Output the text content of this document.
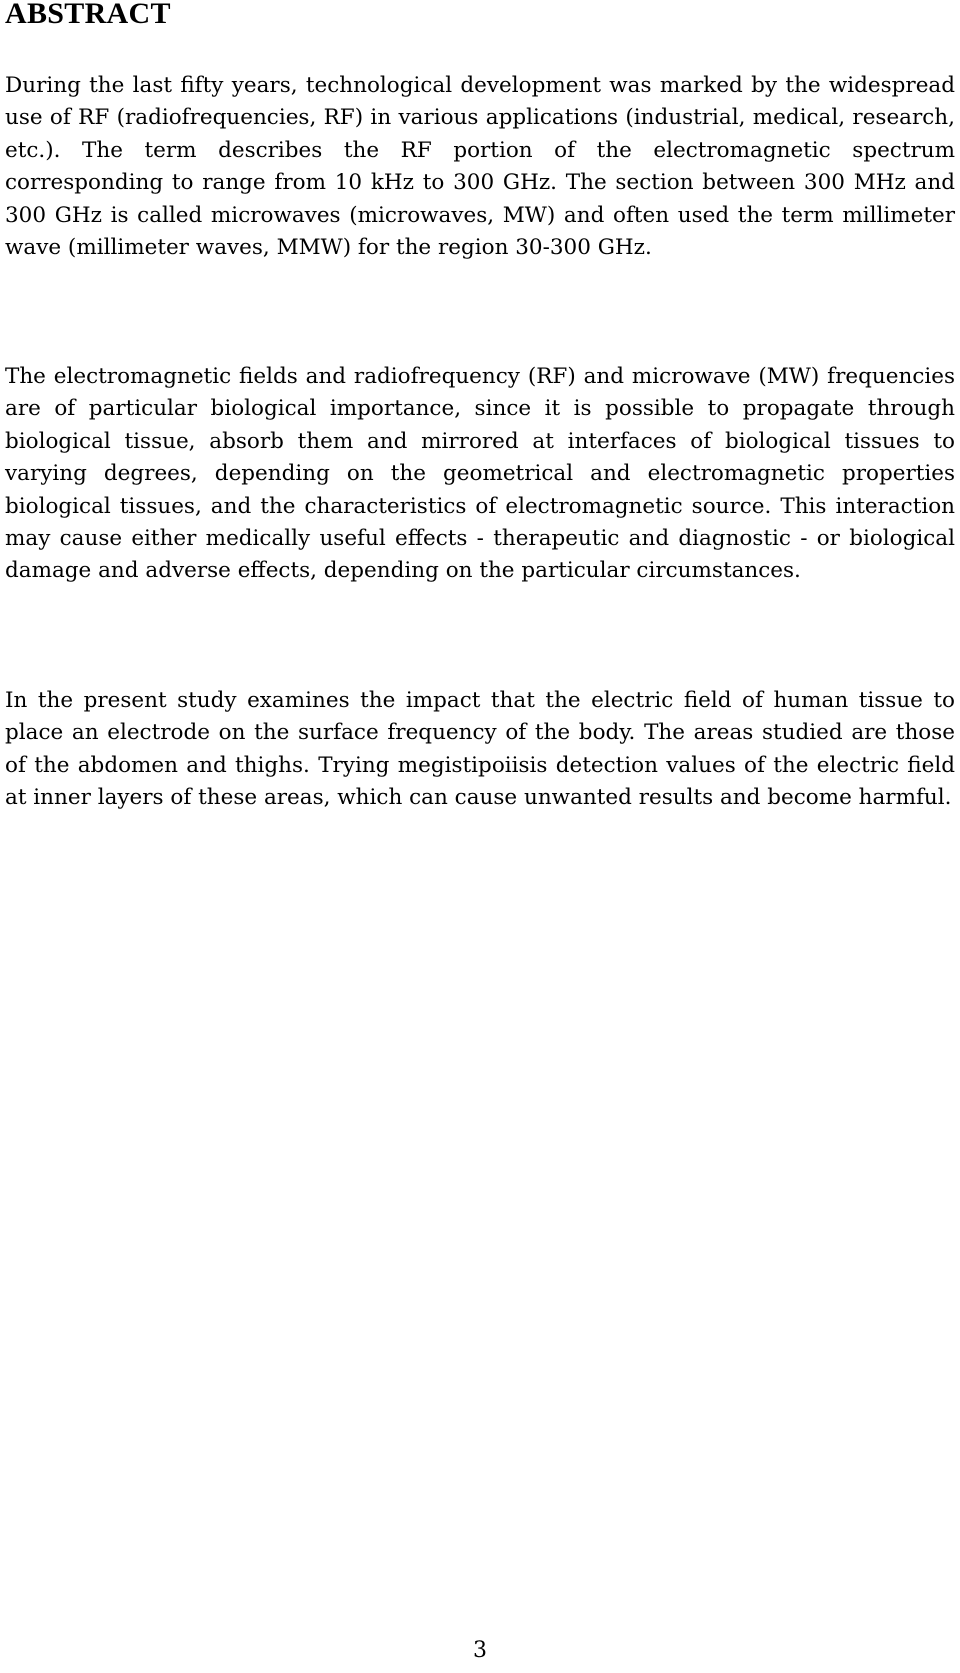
ABSTRACT

During the last fifty years, technological development was marked by the widespread use of RF (radiofrequencies, RF) in various applications (industrial, medical, research, etc.). The term describes the RF portion of the electromagnetic spectrum corresponding to range from 10 kHz to 300 GHz. The section between 300 MHz and 300 GHz is called microwaves (microwaves, MW) and often used the term millimeter wave (millimeter waves, MMW) for the region 30-300 GHz.

The electromagnetic fields and radiofrequency (RF) and microwave (MW) frequencies are of particular biological importance, since it is possible to propagate through biological tissue, absorb them and mirrored at interfaces of biological tissues to varying degrees, depending on the geometrical and electromagnetic properties biological tissues, and the characteristics of electromagnetic source. This interaction may cause either medically useful effects - therapeutic and diagnostic - or biological damage and adverse effects, depending on the particular circumstances.

In the present study examines the impact that the electric field of human tissue to place an electrode on the surface frequency of the body. The areas studied are those of the abdomen and thighs. Trying megistipoiisis detection values of the electric field at inner layers of these areas, which can cause unwanted results and become harmful.

3
